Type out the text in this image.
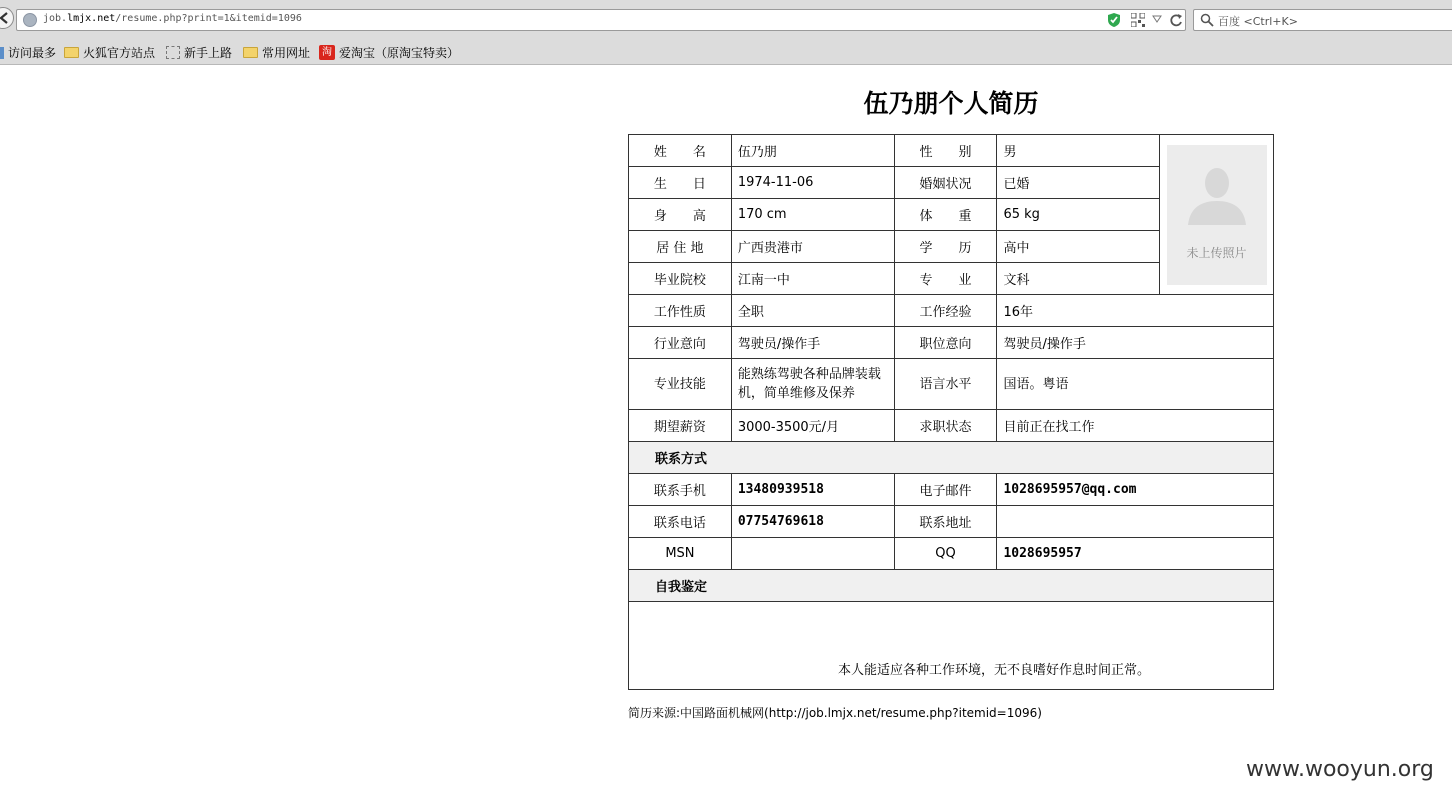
job.lmjx.net/resume.php?print=1&itemid=1096	百度 <Ctrl+K>
访问最多 火狐官方站点 新手上路 常用网址	淘 爱淘宝（原淘宝特卖）
伍乃朋个人简历
姓　　名	伍乃朋	性　　别	男	未上传照片

生　　日	1974-11-06	婚姻状况	已婚	
身　　高	170 cm	体　　重	65 kg	
居 住 地	广西贵港市	学　　历	高中	
毕业院校	江南一中	专　　业	文科	
工作性质	全职	工作经验	16年	
行业意向	驾驶员/操作手	职位意向	驾驶员/操作手	
专业技能	能熟练驾驶各种品牌装载机，简单维修及保养	语言水平	国语。粤语	
期望薪资	3000-3500元/月	求职状态	目前正在找工作	
联系方式				
联系手机	13480939518	电子邮件	1028695957@qq.com	
联系电话	07754769618	联系地址		
MSN		QQ	1028695957	
自我鉴定				
本人能适应各种工作环境，无不良嗜好作息时间正常。				
简历来源:中国路面机械网(http://job.lmjx.net/resume.php?itemid=1096)
www.wooyun.org
